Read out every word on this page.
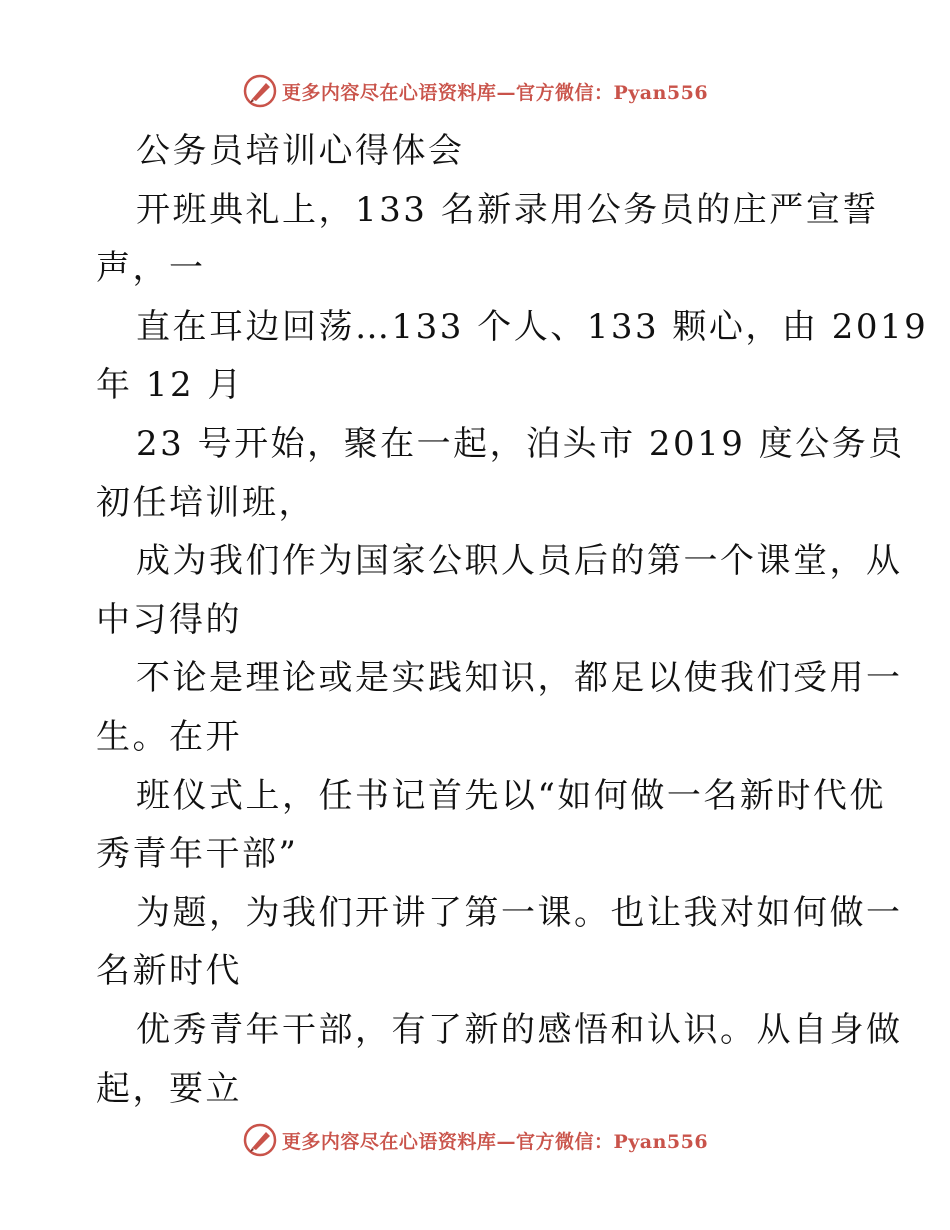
更多内容尽在心语资料库—官方微信：Pyan556
公务员培训心得体会
开班典礼上，133 名新录用公务员的庄严宣誓
声，一
直在耳边回荡…133 个人、133 颗心，由 2019
年 12 月
23 号开始，聚在一起，泊头市 2019 度公务员
初任培训班，
成为我们作为国家公职人员后的第一个课堂，从
中习得的
不论是理论或是实践知识，都足以使我们受用一
生。在开
班仪式上，任书记首先以“如何做一名新时代优
秀青年干部”
为题，为我们开讲了第一课。也让我对如何做一
名新时代
优秀青年干部，有了新的感悟和认识。从自身做
起，要立
更多内容尽在心语资料库—官方微信：Pyan556
